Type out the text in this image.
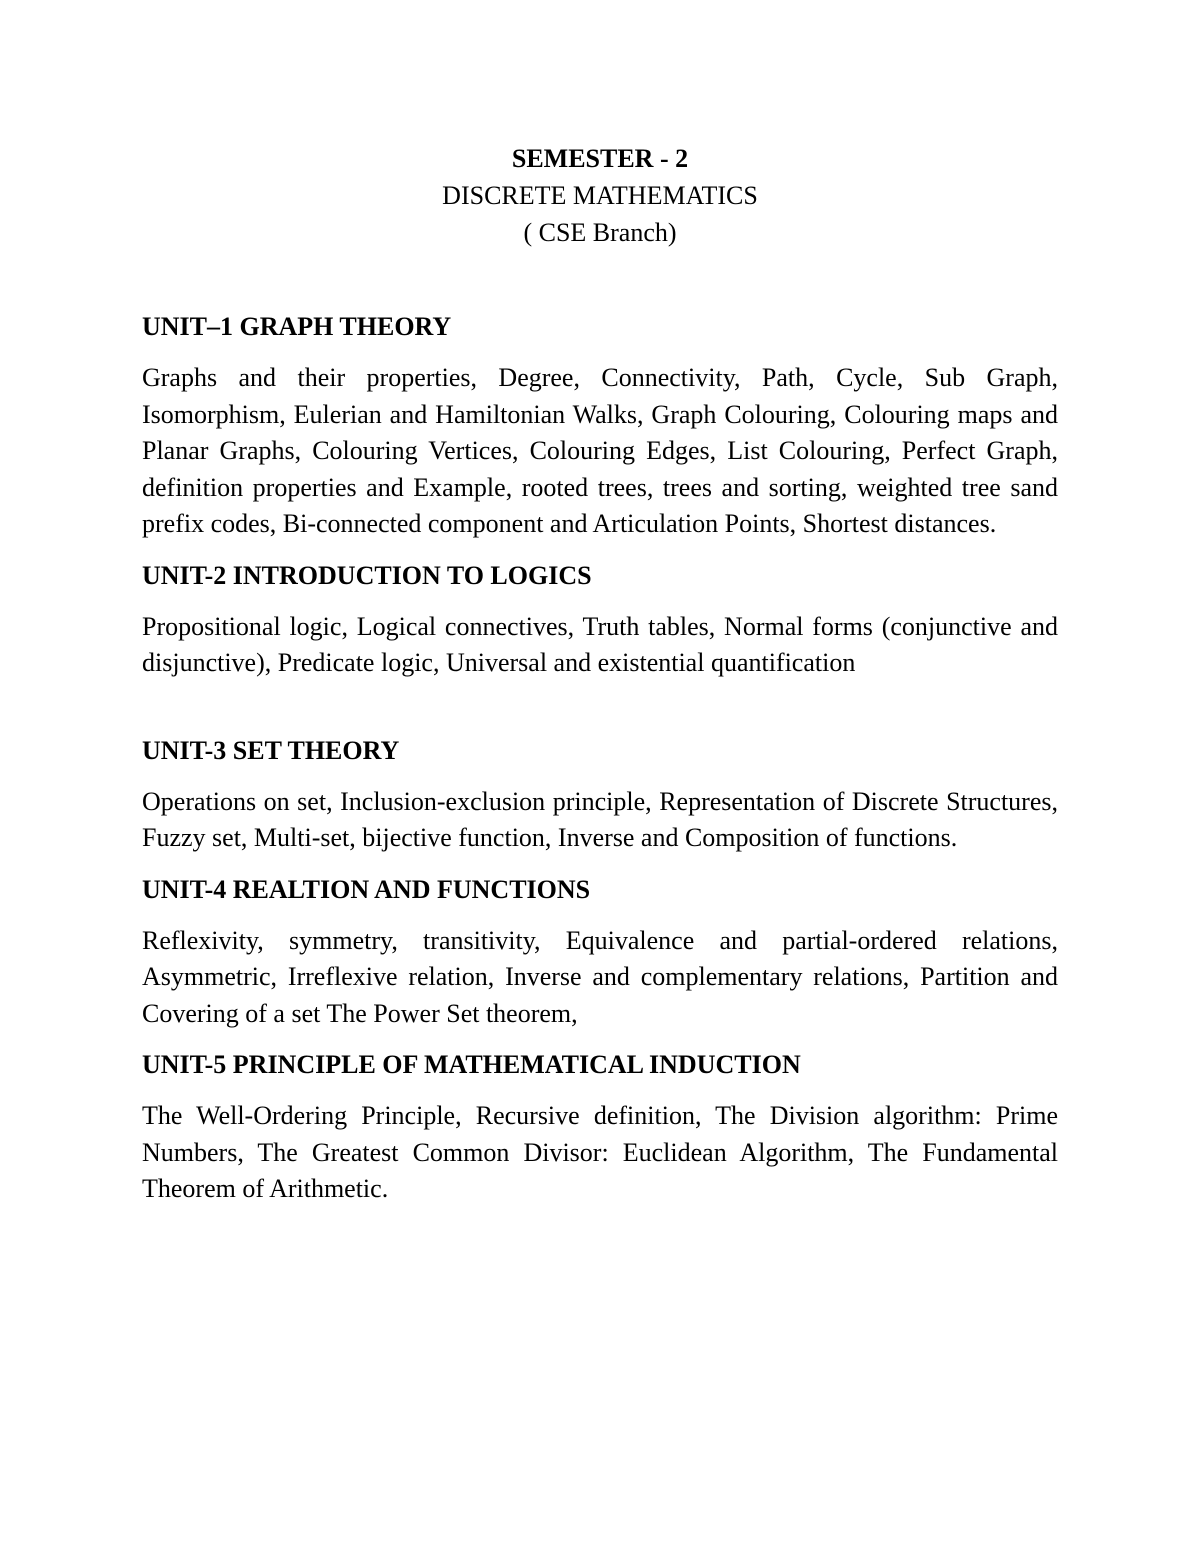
SEMESTER - 2

DISCRETE MATHEMATICS

( CSE Branch)

UNIT–1 GRAPH THEORY

Graphs and their properties, Degree, Connectivity, Path, Cycle, Sub Graph, Isomorphism, Eulerian and Hamiltonian Walks, Graph Colouring, Colouring maps and Planar Graphs, Colouring Vertices, Colouring Edges, List Colouring, Perfect Graph, definition properties and Example, rooted trees, trees and sorting, weighted tree sand prefix codes, Bi-connected component and Articulation Points, Shortest distances.

UNIT-2 INTRODUCTION TO LOGICS

Propositional logic, Logical connectives, Truth tables, Normal forms (conjunctive and disjunctive), Predicate logic, Universal and existential quantification

UNIT-3 SET THEORY

Operations on set, Inclusion-exclusion principle, Representation of Discrete Structures, Fuzzy set, Multi-set, bijective function, Inverse and Composition of functions.

UNIT-4 REALTION AND FUNCTIONS

Reflexivity, symmetry, transitivity, Equivalence and partial-ordered relations, Asymmetric, Irreflexive relation, Inverse and complementary relations, Partition and Covering of a set The Power Set theorem,

UNIT-5 PRINCIPLE OF MATHEMATICAL INDUCTION

The Well-Ordering Principle, Recursive definition, The Division algorithm: Prime Numbers, The Greatest Common Divisor: Euclidean Algorithm, The Fundamental Theorem of Arithmetic.
